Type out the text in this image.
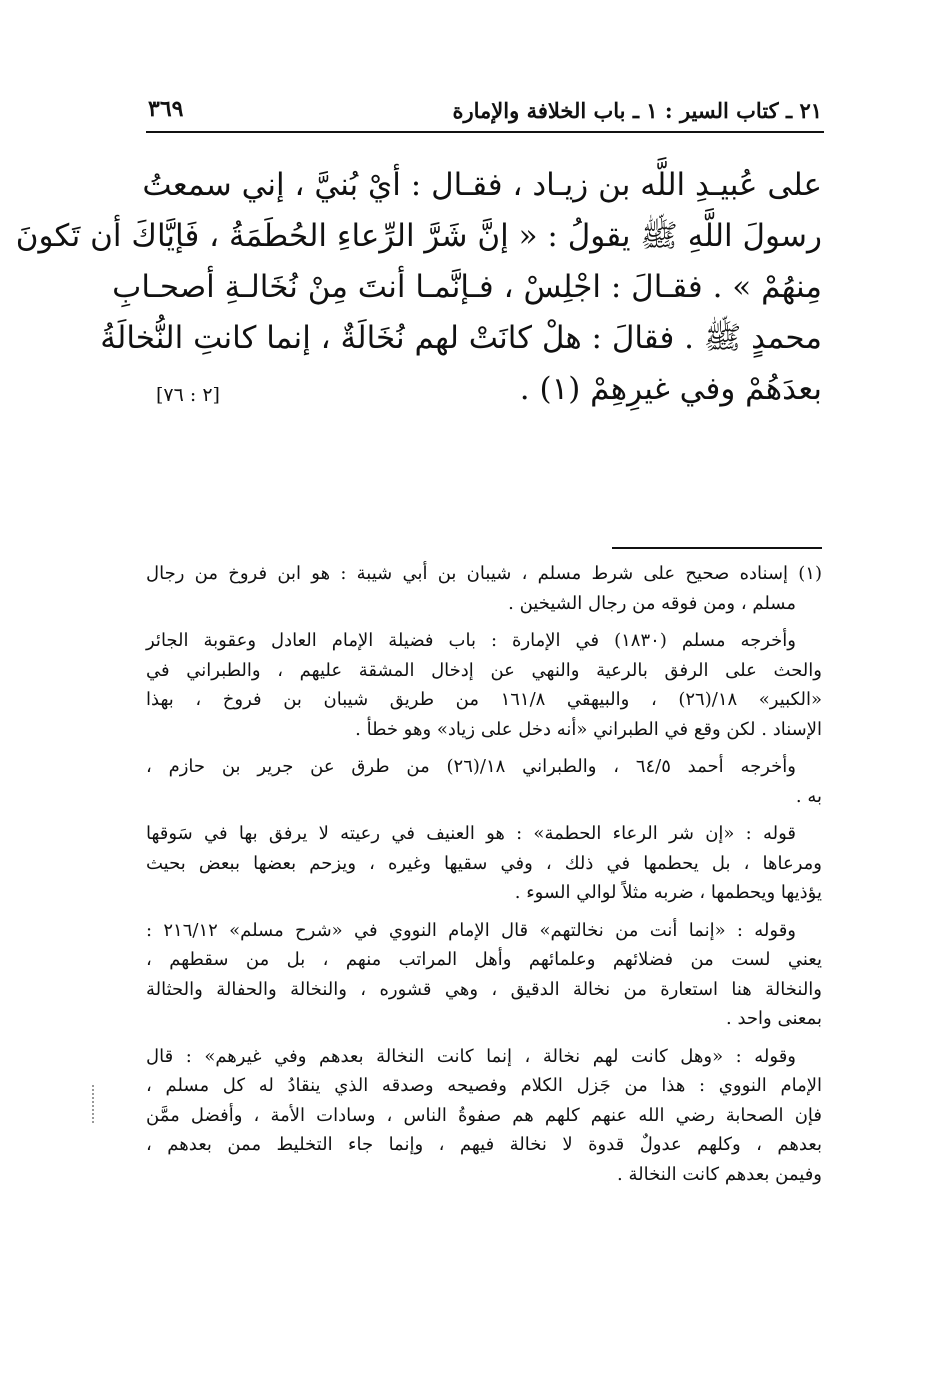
٢١ ـ كتاب السير : ١ ـ باب الخلافة والإمارة
٣٦٩
على عُبيـدِ اللَّه بن زيـاد ، فقـال : أيْ بُنيَّ ، إني سمعتُ
رسولَ اللَّهِ ﷺ يقولُ : « إنَّ شَرَّ الرِّعاءِ الحُطَمَةُ ، فَإيَّاكَ أن تَكونَ
مِنهُمْ » . فقـالَ : اجْلِسْ ، فـإنَّمـا أنتَ مِنْ نُخَالـةِ أصحـابِ
محمدٍ ﷺ . فقالَ : هلْ كانَتْ لهم نُخَالَةٌ ، إنما كانتِ النُّخالَةُ
بعدَهُمْ وفي غيرِهِمْ (١) .
[٢ : ٧٦]
(١) إسناده صحيح على شرط مسلم ، شيبان بن أبي شيبة : هو ابن فروخ من رجال
مسلم ، ومن فوقه من رجال الشيخين .
وأخرجه مسلم (١٨٣٠) في الإمارة : باب فضيلة الإمام العادل وعقوبة الجائر
والحث على الرفق بالرعية والنهي عن إدخال المشقة عليهم ، والطبراني في
«الكبير» ١٨/(٢٦) ، والبيهقي ١٦١/٨ من طريق شيبان بن فروخ ، بهذا
الإسناد . لكن وقع في الطبراني «أنه دخل على زياد» وهو خطأ .
وأخرجه أحمد ٦٤/٥ ، والطبراني ١٨/(٢٦) من طرق عن جرير بن حازم ،
به .
قوله : «إن شر الرعاء الحطمة» : هو العنيف في رعيته لا يرفق بها في سَوقها
ومرعاها ، بل يحطمها في ذلك ، وفي سقيها وغيره ، ويزحم بعضها ببعض بحيث
يؤذيها ويحطمها ، ضربه مثلاً لوالي السوء .
وقوله : «إنما أنت من نخالتهم» قال الإمام النووي في «شرح مسلم» ٢١٦/١٢ :
يعني لست من فضلائهم وعلمائهم وأهل المراتب منهم ، بل من سقطهم ،
والنخالة هنا استعارة من نخالة الدقيق ، وهي قشوره ، والنخالة والحفالة والحثالة
بمعنى واحد .
وقوله : «وهل كانت لهم نخالة ، إنما كانت النخالة بعدهم وفي غيرهم» : قال
الإمام النووي : هذا من جَزل الكلام وفصيحه وصدقه الذي ينقادُ له كل مسلم ،
فإن الصحابة رضي الله عنهم كلهم هم صفوةُ الناس ، وسادات الأمة ، وأفضل ممَّن
بعدهم ، وكلهم عدولٌ قدوة لا نخالة فيهم ، وإنما جاء التخليط ممن بعدهم ،
وفيمن بعدهم كانت النخالة .
